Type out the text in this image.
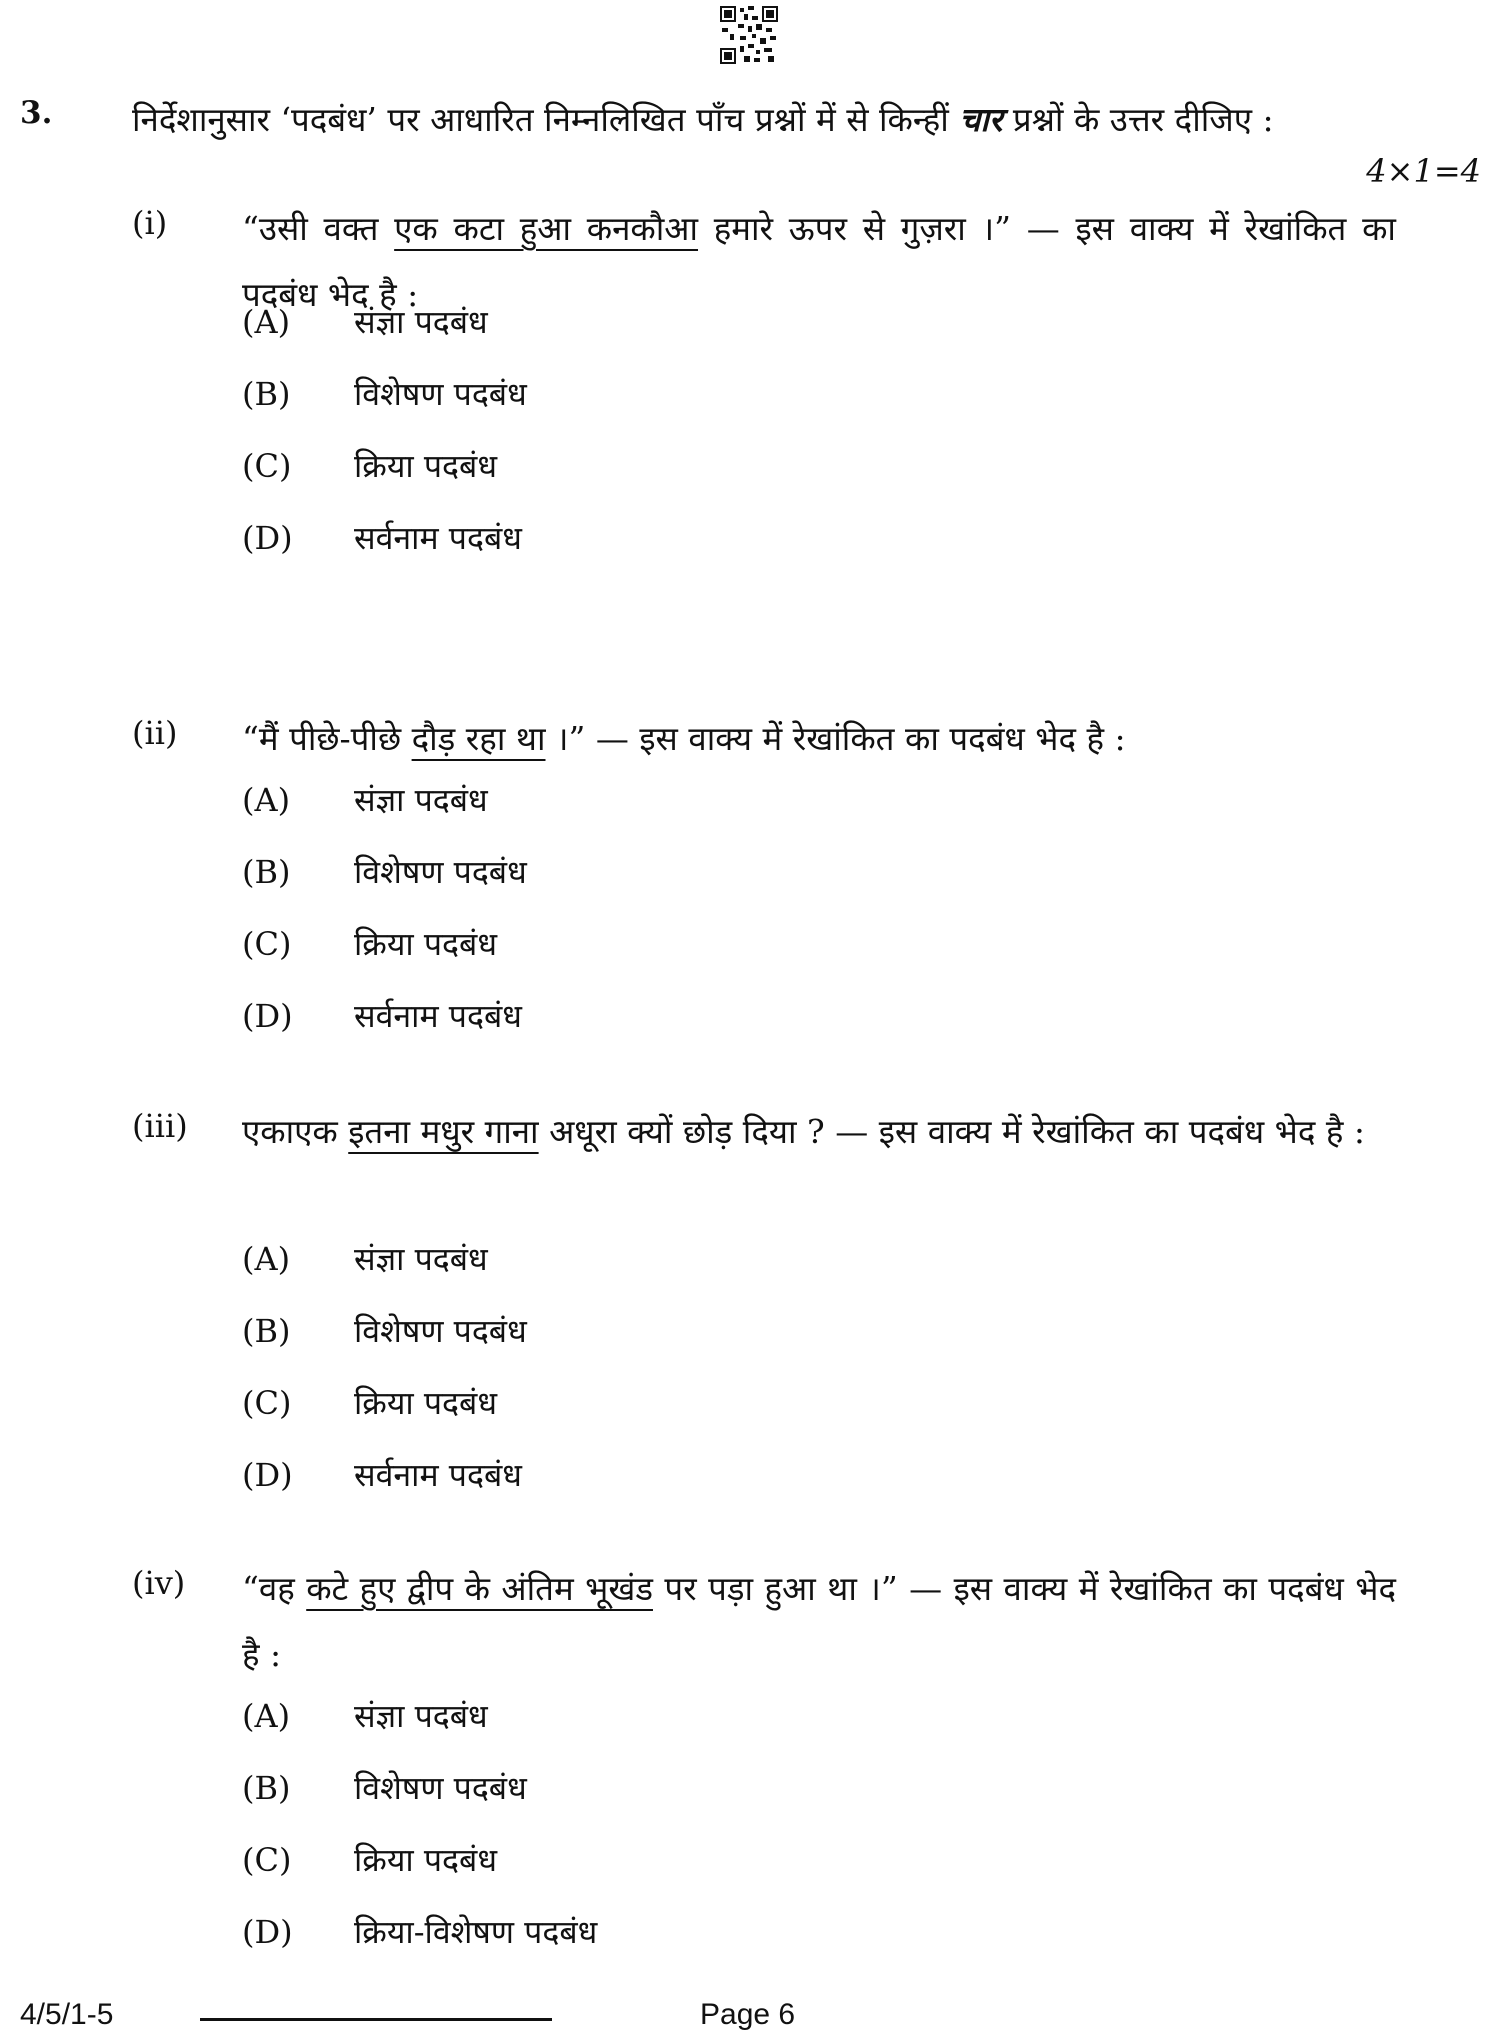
3. निर्देशानुसार ‘पदबंध’ पर आधारित निम्नलिखित पाँच प्रश्नों में से किन्हीं चार प्रश्नों के उत्तर दीजिए :
4×1=4
(i) “उसी वक्त एक कटा हुआ कनकौआ हमारे ऊपर से गुज़रा ।” — इस वाक्य में रेखांकित का पदबंध भेद है :
(A) संज्ञा पदबंध
(B) विशेषण पदबंध
(C) क्रिया पदबंध
(D) सर्वनाम पदबंध
(ii) “मैं पीछे-पीछे दौड़ रहा था ।” — इस वाक्य में रेखांकित का पदबंध भेद है :
(A) संज्ञा पदबंध
(B) विशेषण पदबंध
(C) क्रिया पदबंध
(D) सर्वनाम पदबंध
(iii) एकाएक इतना मधुर गाना अधूरा क्यों छोड़ दिया ? — इस वाक्य में रेखांकित का पदबंध भेद है :
(A) संज्ञा पदबंध
(B) विशेषण पदबंध
(C) क्रिया पदबंध
(D) सर्वनाम पदबंध
(iv) “वह कटे हुए द्वीप के अंतिम भूखंड पर पड़ा हुआ था ।” — इस वाक्य में रेखांकित का पदबंध भेद है :
(A) संज्ञा पदबंध
(B) विशेषण पदबंध
(C) क्रिया पदबंध
(D) क्रिया-विशेषण पदबंध
4/5/1-5	Page 6
